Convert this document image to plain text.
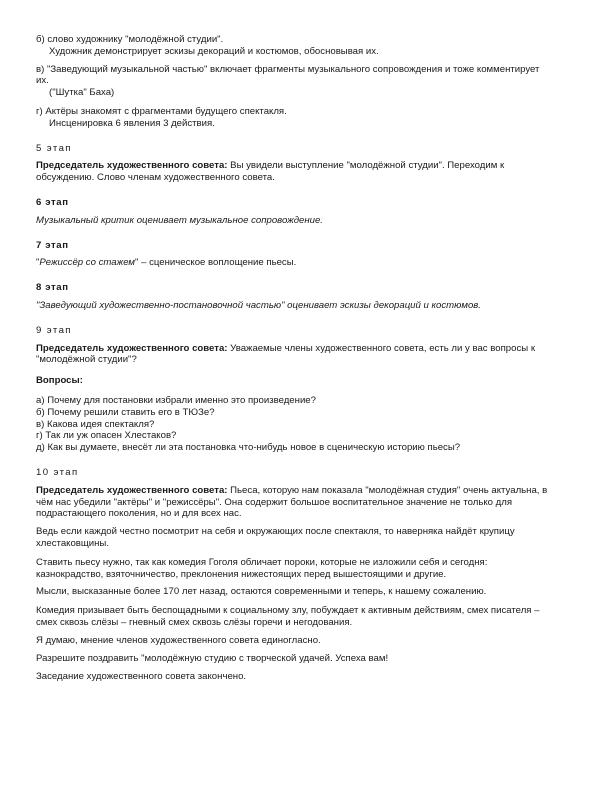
б) слово художнику "молодёжной студии".

Художник демонстрирует эскизы декораций и костюмов, обосновывая их.

в) "Заведующий музыкальной частью" включает фрагменты музыкального сопровождения и тоже комментирует

их.

("Шутка" Баха)

г) Актёры знакомят с фрагментами будущего спектакля.

Инсценировка 6 явления 3 действия.

5 этап

Председатель художественного совета: Вы увидели выступление "молодёжной студии". Переходим к

обсуждению. Слово членам художественного совета.

6 этап

Музыкальный критик оценивает музыкальное сопровождение.

7 этап

"Режиссёр со стажем" – сценическое воплощение пьесы.

8 этап

"Заведующий художественно-постановочной частью" оценивает эскизы декораций и костюмов.

9 этап

Председатель художественного совета: Уважаемые члены художественного совета, есть ли у вас вопросы к

"молодёжной студии"?

Вопросы:

а) Почему для постановки избрали именно это произведение?

б) Почему решили ставить его в ТЮЗе?

в) Какова идея спектакля?

г) Так ли уж опасен Хлестаков?

д) Как вы думаете, внесёт ли эта постановка что-нибудь новое в сценическую историю пьесы?

10 этап

Председатель художественного совета: Пьеса, которую нам показала "молодёжная студия" очень актуальна, в

чём нас убедили "актёры" и "режиссёры". Она содержит большое воспитательное значение не только для

подрастающего поколения, но и для всех нас.

Ведь если каждой честно посмотрит на себя и окружающих после спектакля, то наверняка найдёт крупицу

хлестаковщины.

Ставить пьесу нужно, так как комедия Гоголя обличает пороки, которые не изложили себя и сегодня:

казнокрадство, взяточничество, преклонения нижестоящих перед вышестоящими и другие.

Мысли, высказанные более 170 лет назад, остаются современными и теперь, к нашему сожалению.

Комедия призывает быть беспощадными к социальному злу, побуждает к активным действиям, смех писателя –

смех сквозь слёзы – гневный смех сквозь слёзы горечи и негодования.

Я думаю, мнение членов художественного совета единогласно.

Разрешите поздравить "молодёжную студию с творческой удачей. Успеха вам!

Заседание художественного совета закончено.
